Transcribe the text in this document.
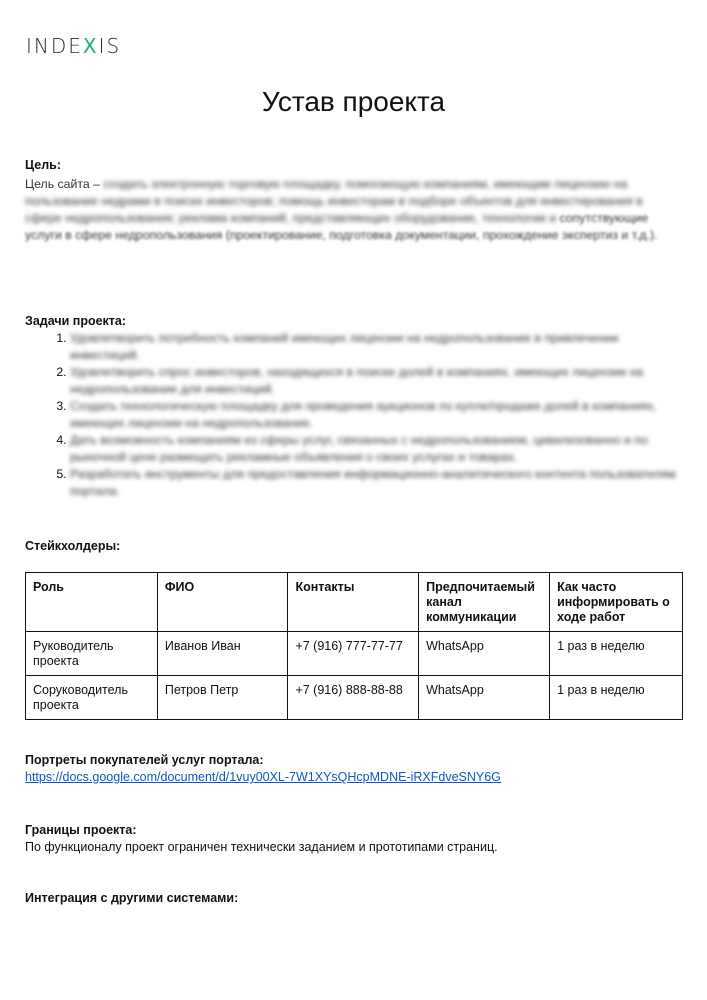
INDEXIS
Устав проекта
Цель:
Цель сайта – создать электронную торговую площадку, помогающую компаниям, имеющим лицензию на пользование недрами в поиске инвесторов; помощь инвесторам в подборе объектов для инвестирования в сфере недропользования; реклама компаний, представляющих оборудование, технологии и сопутствующие услуги в сфере недропользования (проектирование, подготовка документации, прохождение экспертиз и т.д.).
Задачи проекта:
1. Удовлетворить потребность компаний имеющих лицензии на недропользование в привлечении инвестиций.
2. Удовлетворить спрос инвесторов, находящихся в поиске долей в компаниях, имеющих лицензии на недропользование для инвестиций.
3. Создать технологическую площадку для проведения аукционов по купле/продаже долей в компаниях, имеющих лицензии на недропользование.
4. Дать возможность компаниям из сферы услуг, связанных с недропользованием, цивилизованно и по рыночной цене размещать рекламные объявления о своих услугах и товарах.
5. Разработать инструменты для предоставления информационно-аналитического контента пользователям портала.
Стейкхолдеры:
Роль	ФИО	Контакты	Предпочитаемый канал коммуникации	Как часто информировать о ходе работ
Руководитель проекта	Иванов Иван	+7 (916) 777-77-77	WhatsApp	1 раз в неделю
Соруководитель проекта	Петров Петр	+7 (916) 888-88-88	WhatsApp	1 раз в неделю
Портреты покупателей услуг портала:
https://docs.google.com/document/d/1vuy00XL-7W1XYsQHcpMDNE-iRXFdveSNY6G
Границы проекта:
По функционалу проект ограничен технически заданием и прототипами страниц.
Интеграция с другими системами:
